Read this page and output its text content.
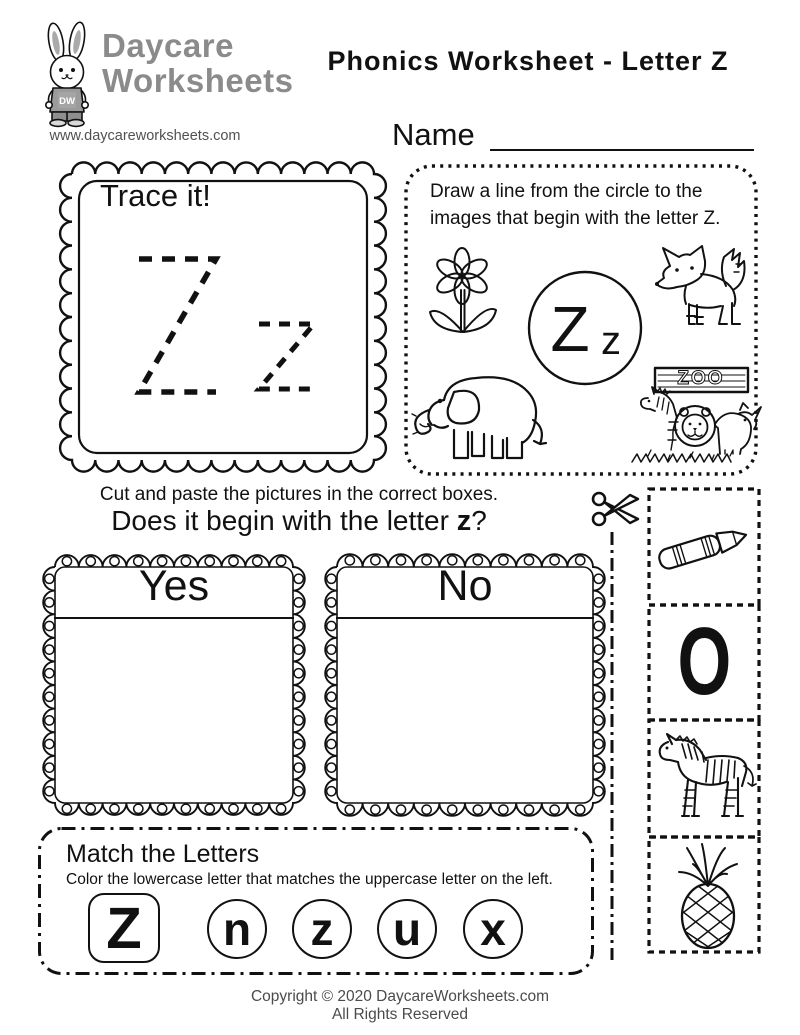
DW
Daycare
Worksheets
www.daycareworksheets.com
Phonics Worksheet - Letter Z
Name
Trace it!
Z z
Draw a line from the circle to the
images that begin with the letter Z.
ZOO
Cut and paste the pictures in the correct boxes.
Does it begin with the letter z?
Yes	No
O
Match the Letters
Color the lowercase letter that matches the uppercase letter on the left.
Z	n	z	u	x
Copyright © 2020 DaycareWorksheets.com
All Rights Reserved
